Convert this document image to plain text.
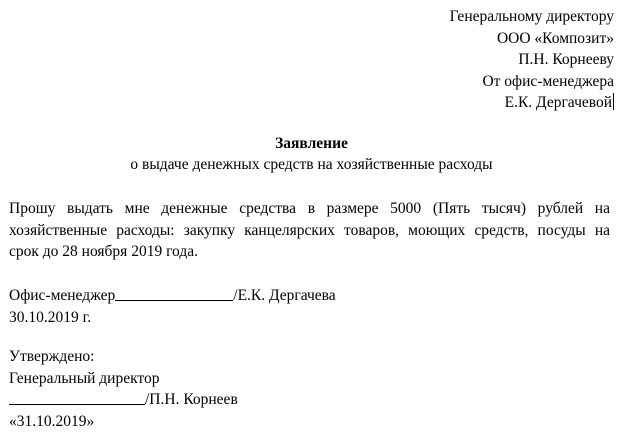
Генеральному директору
ООО «Композит»
П.Н. Корнееву
От офис-менеджера
Е.К. Дергачевой
Заявление
о выдаче денежных средств на хозяйственные расходы
Прошу выдать мне денежные средства в размере 5000 (Пять тысяч) рублей на
хозяйственные расходы: закупку канцелярских товаров, моющих средств, посуды на
срок до 28 ноября 2019 года.
Офис-менеджер	/Е.К. Дергачева
30.10.2019 г.
Утверждено:
Генеральный директор
/П.Н. Корнеев
«31.10.2019»
